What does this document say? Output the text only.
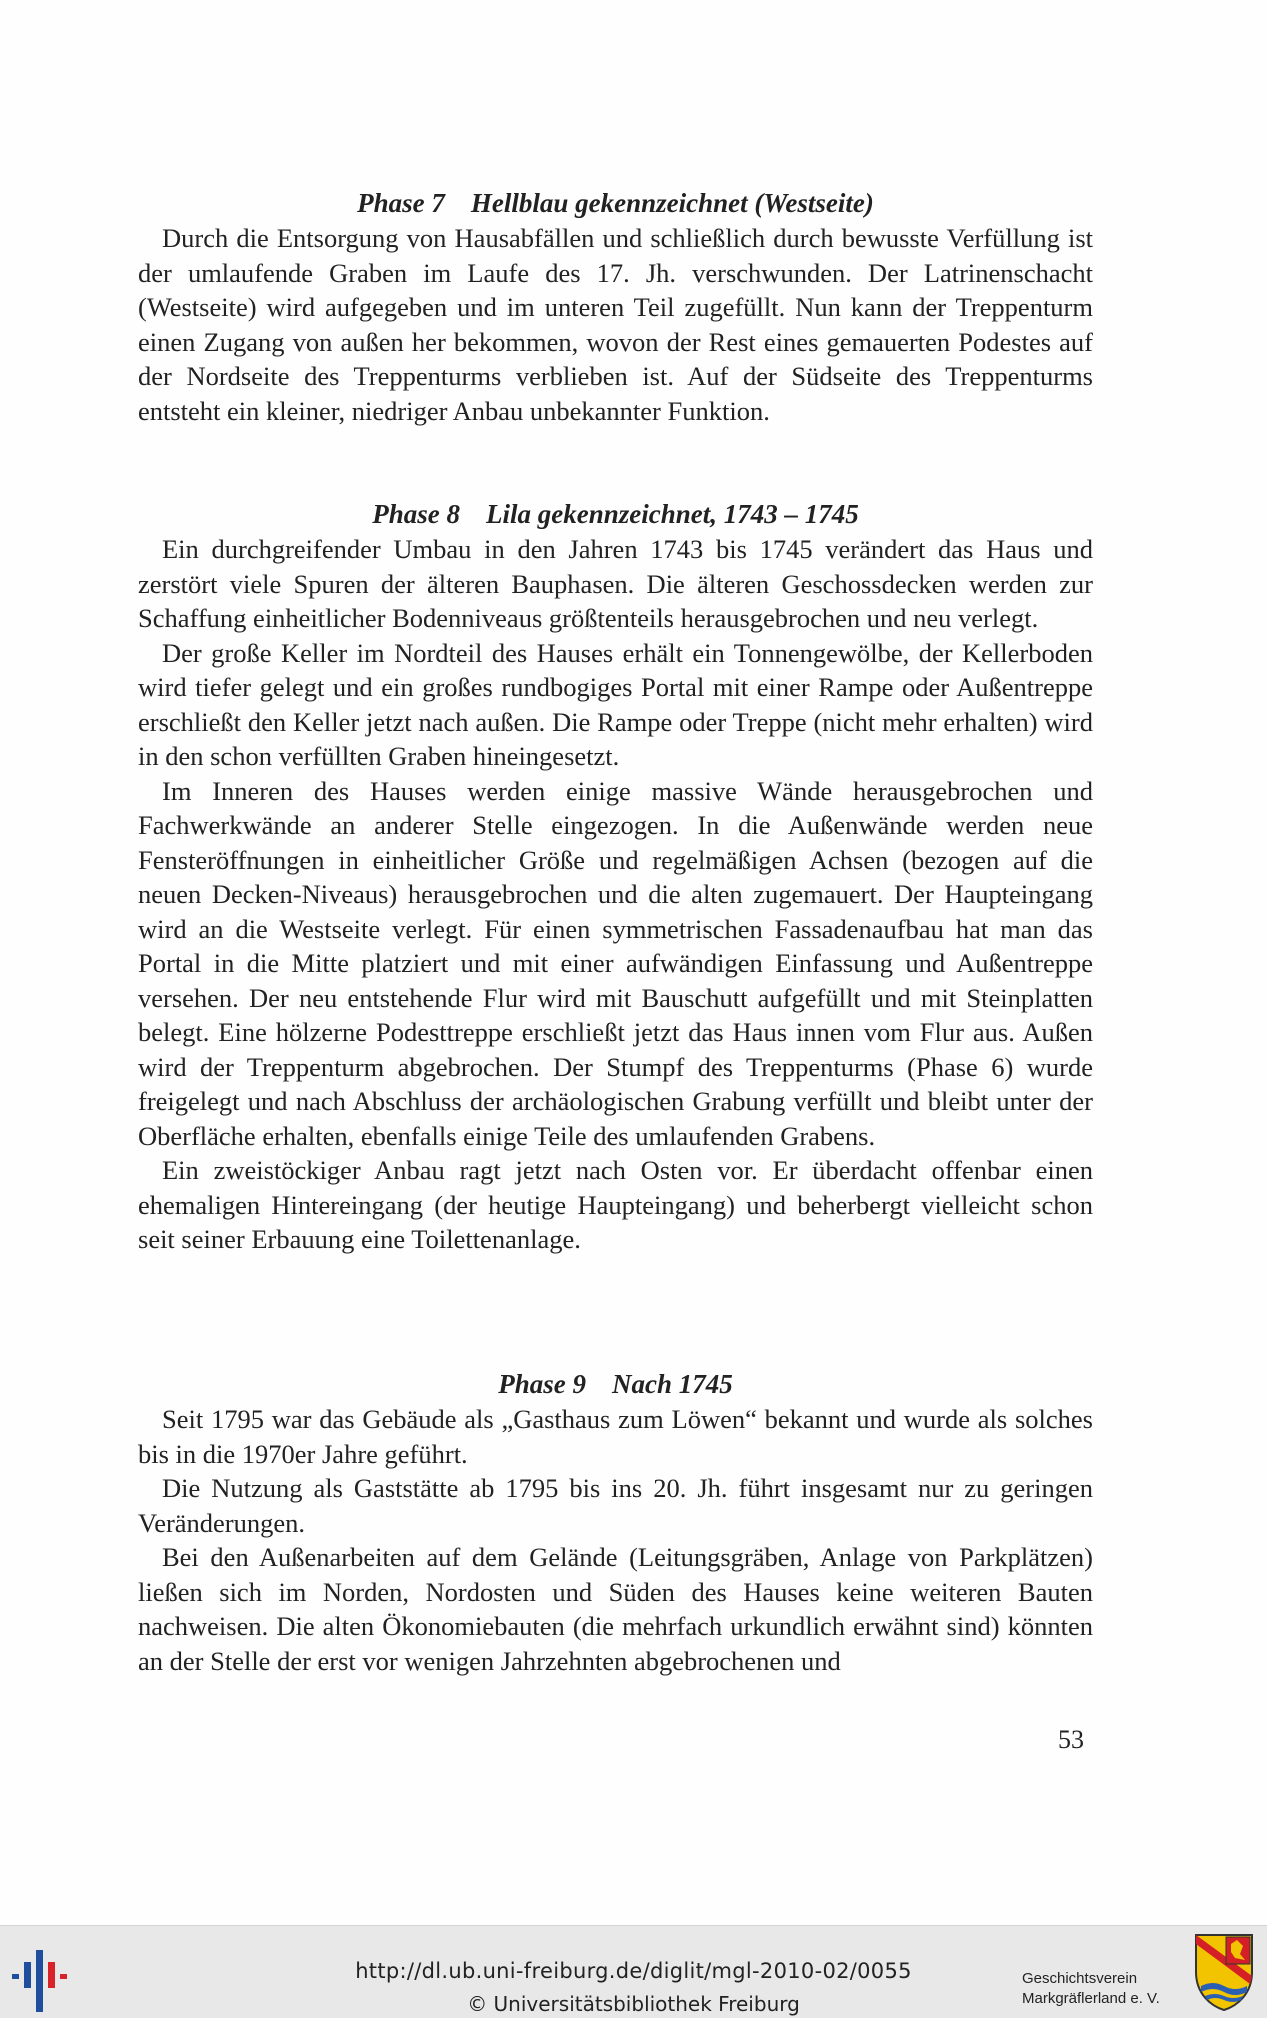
Phase 7 Hellblau gekennzeichnet (Westseite)

Durch die Entsorgung von Hausabfällen und schließlich durch bewusste Verfüllung ist der umlaufende Graben im Laufe des 17. Jh. verschwunden. Der Latrinenschacht (Westseite) wird aufgegeben und im unteren Teil zugefüllt. Nun kann der Treppenturm einen Zugang von außen her bekommen, wovon der Rest eines gemauerten Podestes auf der Nordseite des Treppenturms verblieben ist. Auf der Südseite des Treppenturms entsteht ein kleiner, niedriger Anbau unbekannter Funktion.

Phase 8 Lila gekennzeichnet, 1743 – 1745

Ein durchgreifender Umbau in den Jahren 1743 bis 1745 verändert das Haus und zerstört viele Spuren der älteren Bauphasen. Die älteren Geschossdecken werden zur Schaffung einheitlicher Bodenniveaus größtenteils herausgebrochen und neu verlegt.

Der große Keller im Nordteil des Hauses erhält ein Tonnengewölbe, der Kellerboden wird tiefer gelegt und ein großes rundbogiges Portal mit einer Rampe oder Außentreppe erschließt den Keller jetzt nach außen. Die Rampe oder Treppe (nicht mehr erhalten) wird in den schon verfüllten Graben hineingesetzt.

Im Inneren des Hauses werden einige massive Wände herausgebrochen und Fachwerkwände an anderer Stelle eingezogen. In die Außenwände werden neue Fensteröffnungen in einheitlicher Größe und regelmäßigen Achsen (bezogen auf die neuen Decken-Niveaus) herausgebrochen und die alten zugemauert. Der Haupteingang wird an die Westseite verlegt. Für einen symmetrischen Fassadenaufbau hat man das Portal in die Mitte platziert und mit einer aufwändigen Einfassung und Außentreppe versehen. Der neu entstehende Flur wird mit Bauschutt aufgefüllt und mit Steinplatten belegt. Eine hölzerne Podesttreppe erschließt jetzt das Haus innen vom Flur aus. Außen wird der Treppenturm abgebrochen. Der Stumpf des Treppenturms (Phase 6) wurde freigelegt und nach Abschluss der archäologischen Grabung verfüllt und bleibt unter der Oberfläche erhalten, ebenfalls einige Teile des umlaufenden Grabens.

Ein zweistöckiger Anbau ragt jetzt nach Osten vor. Er überdacht offenbar einen ehemaligen Hintereingang (der heutige Haupteingang) und beherbergt vielleicht schon seit seiner Erbauung eine Toilettenanlage.

Phase 9 Nach 1745

Seit 1795 war das Gebäude als „Gasthaus zum Löwen“ bekannt und wurde als solches bis in die 1970er Jahre geführt.

Die Nutzung als Gaststätte ab 1795 bis ins 20. Jh. führt insgesamt nur zu geringen Veränderungen.

Bei den Außenarbeiten auf dem Gelände (Leitungsgräben, Anlage von Parkplätzen) ließen sich im Norden, Nordosten und Süden des Hauses keine weiteren Bauten nachweisen. Die alten Ökonomiebauten (die mehrfach urkundlich erwähnt sind) könnten an der Stelle der erst vor wenigen Jahrzehnten abgebrochenen und

53
http://dl.ub.uni-freiburg.de/diglit/mgl-2010-02/0055
© Universitätsbibliothek Freiburg
Geschichtsverein
Markgräflerland e. V.
